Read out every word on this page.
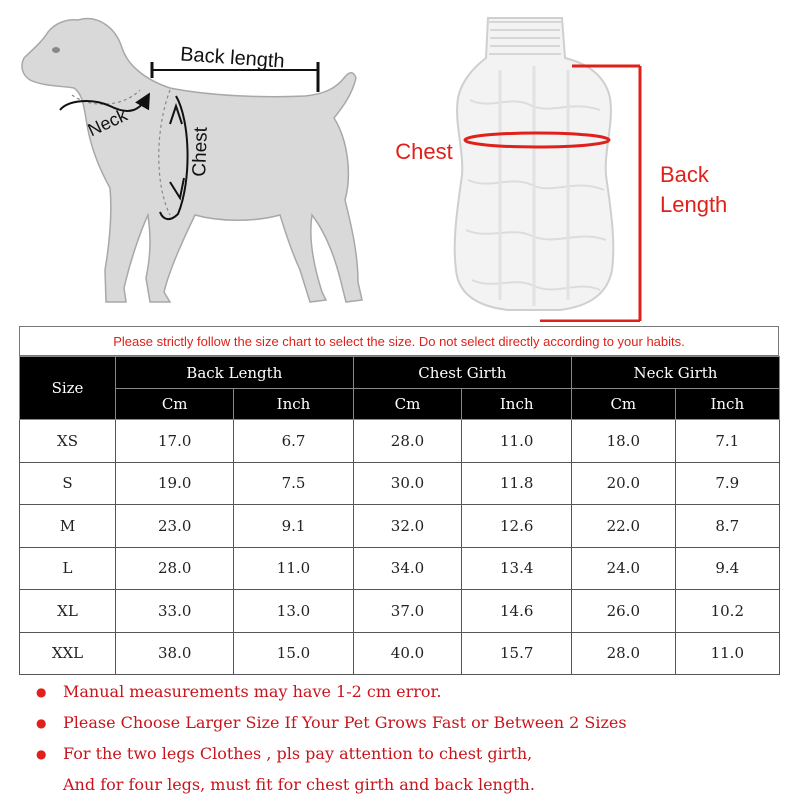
Back length
Neck
Chest	Chest
Back
Length
Please strictly follow the size chart to select the size. Do not select directly according to your habits.
Size	Back Length		Chest Girth		Neck Girth	
	Cm	Inch	Cm	Inch	Cm	Inch
XS	17.0	6.7	28.0	11.0	18.0	7.1
S	19.0	7.5	30.0	11.8	20.0	7.9
M	23.0	9.1	32.0	12.6	22.0	8.7
L	28.0	11.0	34.0	13.4	24.0	9.4
XL	33.0	13.0	37.0	14.6	26.0	10.2
XXL	38.0	15.0	40.0	15.7	28.0	11.0
●	Manual measurements may have 1-2 cm error.
●	Please Choose Larger Size If Your Pet Grows Fast or Between 2 Sizes
●	For the two legs Clothes , pls pay attention to chest girth,
And for four legs, must fit for chest girth and back length.
